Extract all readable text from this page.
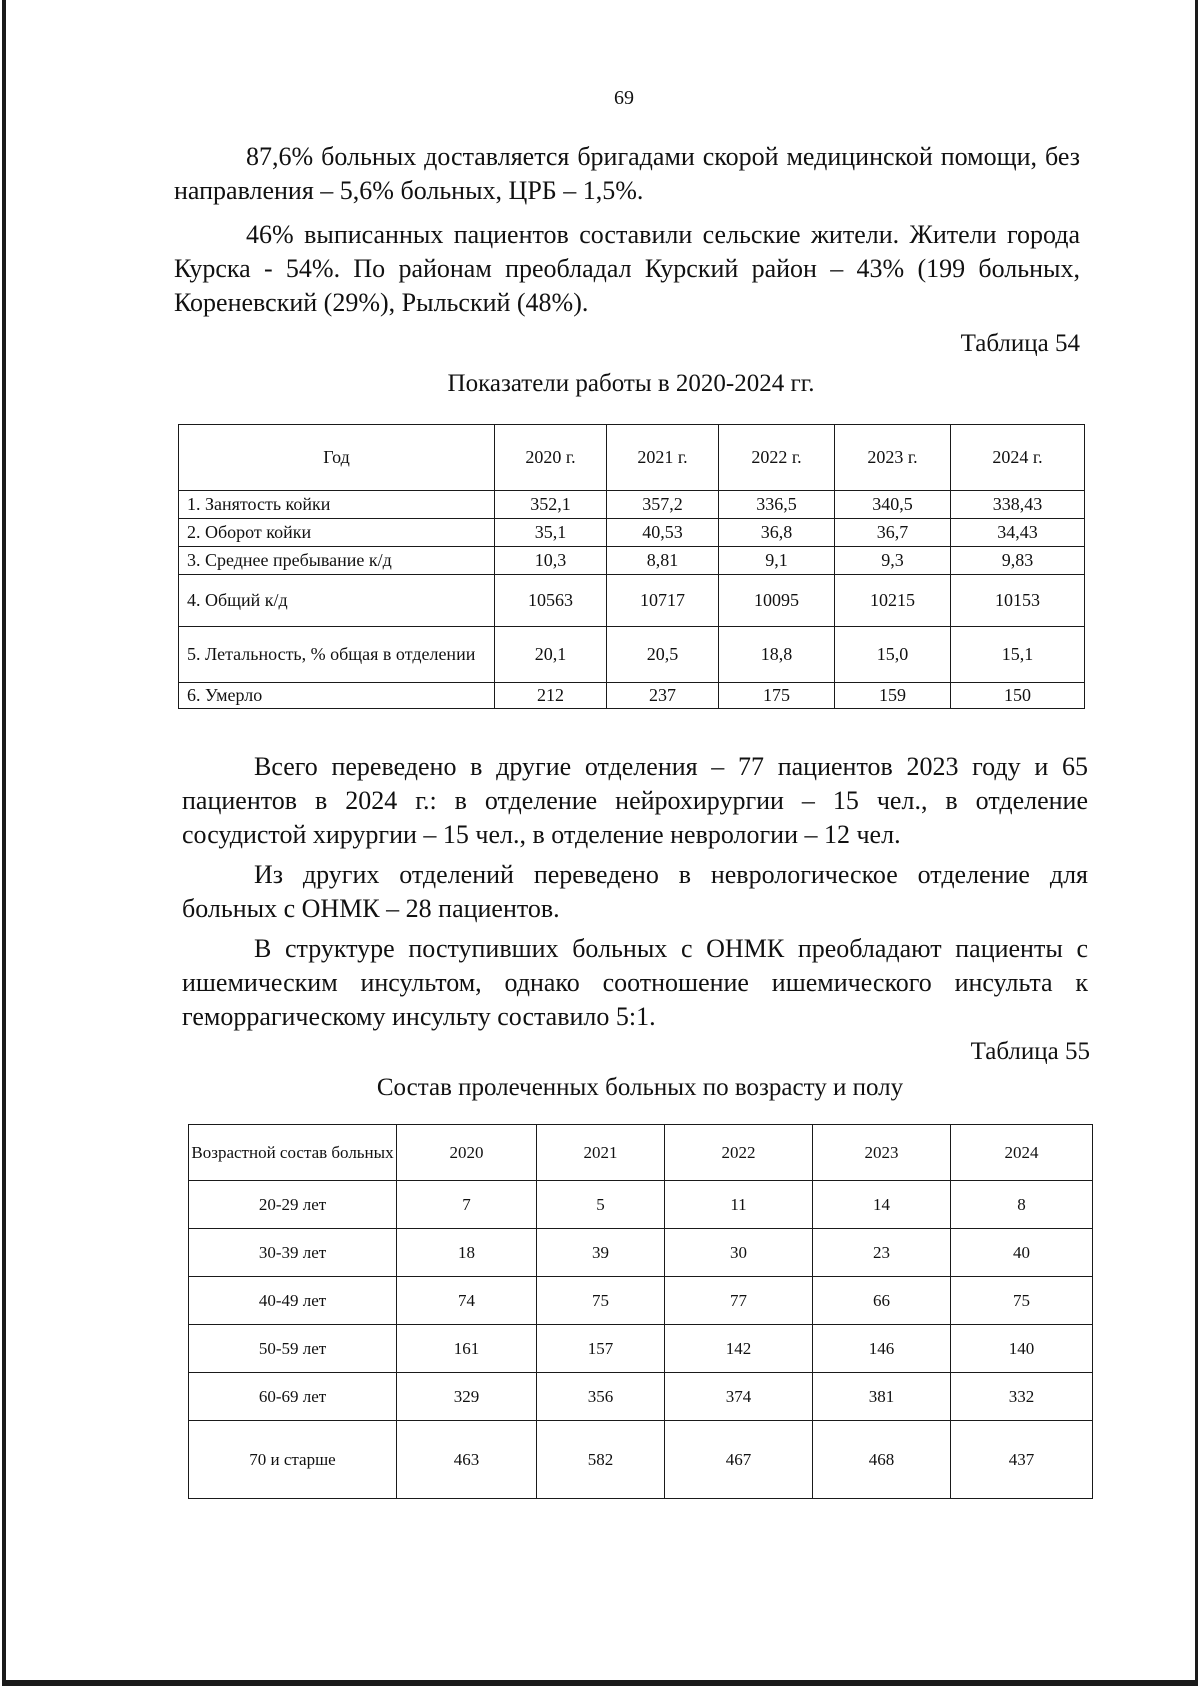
69

87,6% больных доставляется бригадами скорой медицинской помощи, без направления – 5,6% больных, ЦРБ – 1,5%.

46% выписанных пациентов составили сельские жители. Жители города Курска - 54%. По районам преобладал Курский район – 43% (199 больных, Кореневский (29%), Рыльский (48%).

Таблица 54
Показатели работы в 2020-2024 гг.
Год	2020 г.	2021 г.	2022 г.	2023 г.	2024 г.
1. Занятость койки	352,1	357,2	336,5	340,5	338,43
2. Оборот койки	35,1	40,53	36,8	36,7	34,43
3. Среднее пребывание к/д	10,3	8,81	9,1	9,3	9,83
4. Общий к/д	10563	10717	10095	10215	10153
5. Летальность, % общая в отделении	20,1	20,5	18,8	15,0	15,1
6. Умерло	212	237	175	159	150

Всего переведено в другие отделения – 77 пациентов 2023 году и 65 пациентов в 2024 г.: в отделение нейрохирургии – 15 чел., в отделение сосудистой хирургии – 15 чел., в отделение неврологии – 12 чел.

Из других отделений переведено в неврологическое отделение для больных с ОНМК – 28 пациентов.

В структуре поступивших больных с ОНМК преобладают пациенты с ишемическим инсультом, однако соотношение ишемического инсульта к геморрагическому инсульту составило 5:1.

Таблица 55
Состав пролеченных больных по возрасту и полу
Возрастной состав больных	2020	2021	2022	2023	2024
20-29 лет	7	5	11	14	8
30-39 лет	18	39	30	23	40
40-49 лет	74	75	77	66	75
50-59 лет	161	157	142	146	140
60-69 лет	329	356	374	381	332
70 и старше	463	582	467	468	437
